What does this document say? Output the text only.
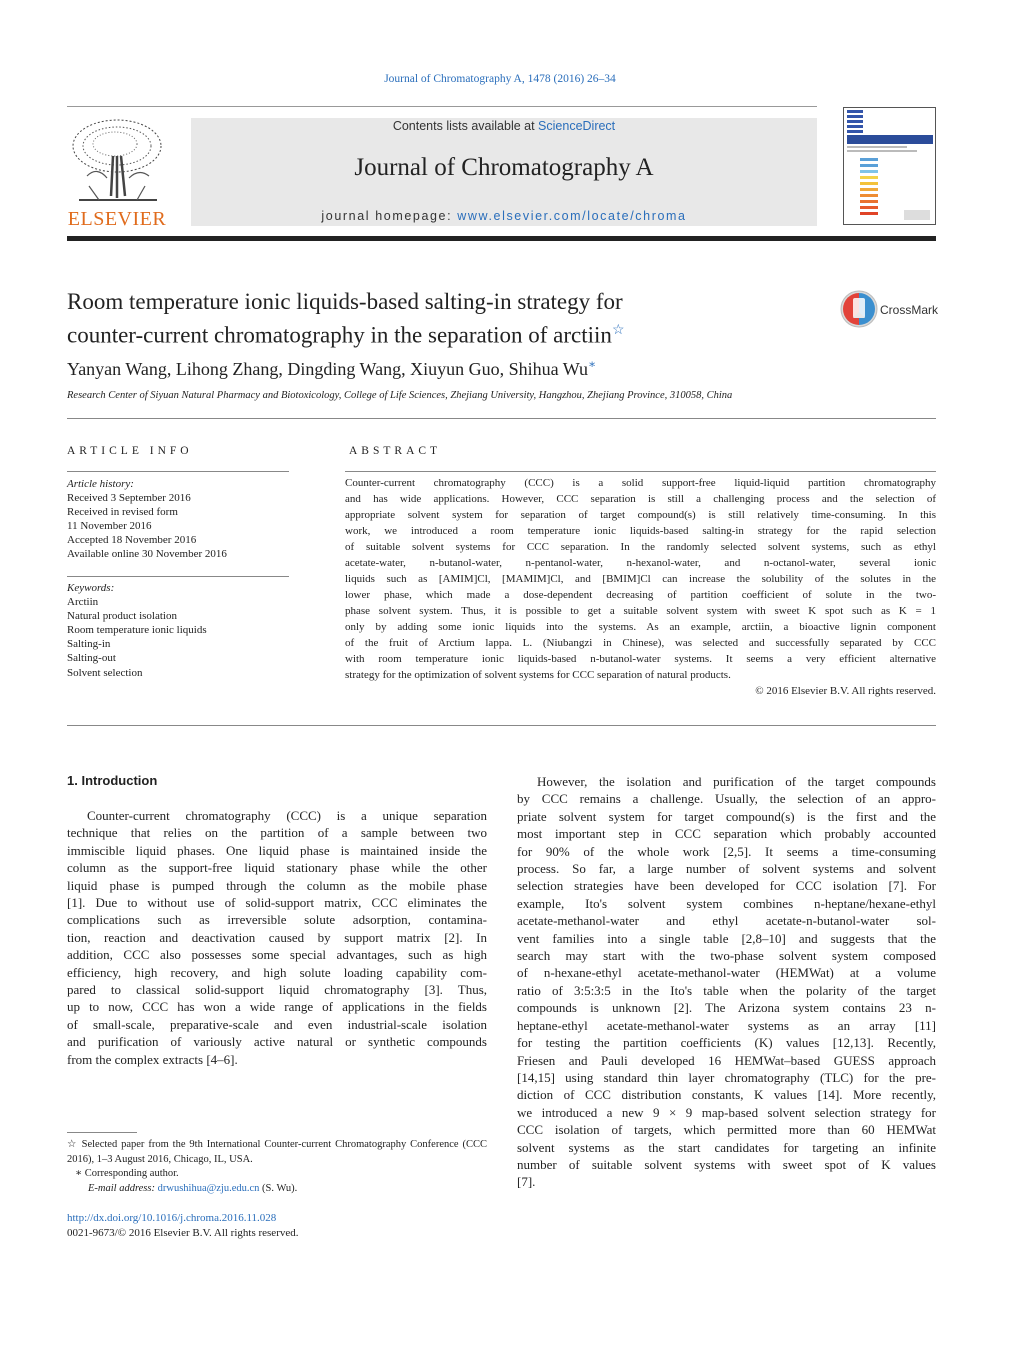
Journal of Chromatography A, 1478 (2016) 26–34
ELSEVIER
Contents lists available at ScienceDirect
Journal of Chromatography A
journal homepage: www.elsevier.com/locate/chroma
Room temperature ionic liquids-based salting-in strategy for
counter-current chromatography in the separation of arctiin☆
CrossMark
Yanyan Wang, Lihong Zhang, Dingding Wang, Xiuyun Guo, Shihua Wu∗
Research Center of Siyuan Natural Pharmacy and Biotoxicology, College of Life Sciences, Zhejiang University, Hangzhou, Zhejiang Province, 310058, China
ARTICLE INFO
Article history:
Received 3 September 2016
Received in revised form
11 November 2016
Accepted 18 November 2016
Available online 30 November 2016
Keywords:
Arctiin
Natural product isolation
Room temperature ionic liquids
Salting-in
Salting-out
Solvent selection
ABSTRACT
Counter-current chromatography (CCC) is a solid support-free liquid-liquid partition chromatography
and has wide applications. However, CCC separation is still a challenging process and the selection of
appropriate solvent system for separation of target compound(s) is still relatively time-consuming. In this
work, we introduced a room temperature ionic liquids-based salting-in strategy for the rapid selection
of suitable solvent systems for CCC separation. In the randomly selected solvent systems, such as ethyl
acetate-water, n-butanol-water, n-pentanol-water, n-hexanol-water, and n-octanol-water, several ionic
liquids such as [AMIM]Cl, [MAMIM]Cl, and [BMIM]Cl can increase the solubility of the solutes in the
lower phase, which made a dose-dependent decreasing of partition coefficient of solute in the two-
phase solvent system. Thus, it is possible to get a suitable solvent system with sweet K spot such as K = 1
only by adding some ionic liquids into the systems. As an example, arctiin, a bioactive lignin component
of the fruit of Arctium lappa. L. (Niubangzi in Chinese), was selected and successfully separated by CCC
with room temperature ionic liquids-based n-butanol-water systems. It seems a very efficient alternative
strategy for the optimization of solvent systems for CCC separation of natural products.
© 2016 Elsevier B.V. All rights reserved.
1. Introduction
Counter-current chromatography (CCC) is a unique separation
technique that relies on the partition of a sample between two
immiscible liquid phases. One liquid phase is maintained inside the
column as the support-free liquid stationary phase while the other
liquid phase is pumped through the column as the mobile phase
[1]. Due to without use of solid-support matrix, CCC eliminates the
complications such as irreversible solute adsorption, contamina-
tion, reaction and deactivation caused by support matrix [2]. In
addition, CCC also possesses some special advantages, such as high
efficiency, high recovery, and high solute loading capability com-
pared to classical solid-support liquid chromatography [3]. Thus,
up to now, CCC has won a wide range of applications in the fields
of small-scale, preparative-scale and even industrial-scale isolation
and purification of variously active natural or synthetic compounds
from the complex extracts [4–6].
However, the isolation and purification of the target compounds
by CCC remains a challenge. Usually, the selection of an appro-
priate solvent system for target compound(s) is the first and the
most important step in CCC separation which probably accounted
for 90% of the whole work [2,5]. It seems a time-consuming
process. So far, a large number of solvent systems and solvent
selection strategies have been developed for CCC isolation [7]. For
example, Ito's solvent system combines n-heptane/hexane-ethyl
acetate-methanol-water and ethyl acetate-n-butanol-water sol-
vent families into a single table [2,8–10] and suggests that the
search may start with the two-phase solvent system composed
of n-hexane-ethyl acetate-methanol-water (HEMWat) at a volume
ratio of 3:5:3:5 in the Ito's table when the polarity of the target
compounds is unknown [2]. The Arizona system contains 23 n-
heptane-ethyl acetate-methanol-water systems as an array [11]
for testing the partition coefficients (K) values [12,13]. Recently,
Friesen and Pauli developed 16 HEMWat–based GUESS approach
[14,15] using standard thin layer chromatography (TLC) for the pre-
diction of CCC distribution constants, K values [14]. More recently,
we introduced a new 9 × 9 map-based solvent selection strategy for
CCC isolation of targets, which permitted more than 60 HEMWat
solvent systems as the start candidates for targeting an infinite
number of suitable solvent systems with sweet spot of K values
[7].
☆ Selected paper from the 9th International Counter-current Chromatography Conference (CCC 2016), 1–3 August 2016, Chicago, IL, USA.
∗ Corresponding author.
E-mail address: drwushihua@zju.edu.cn (S. Wu).
http://dx.doi.org/10.1016/j.chroma.2016.11.028
0021-9673/© 2016 Elsevier B.V. All rights reserved.
